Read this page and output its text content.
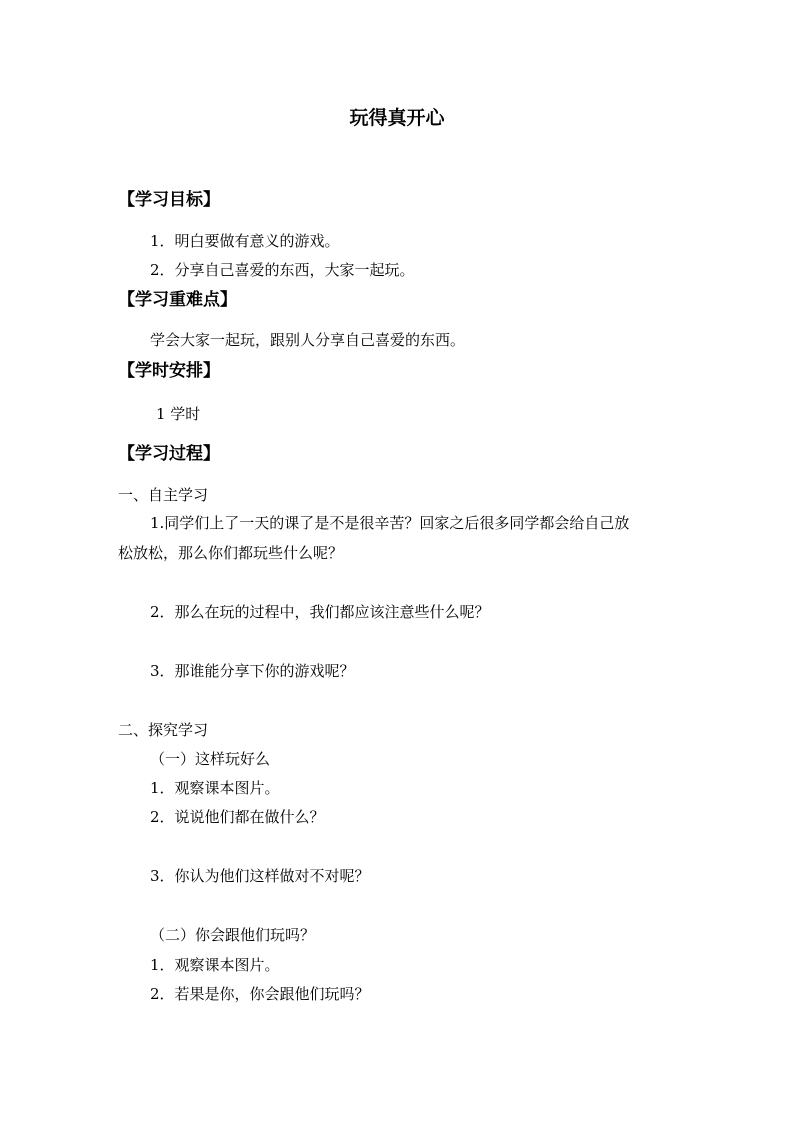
玩得真开心
【学习目标】
1．明白要做有意义的游戏。
2．分享自己喜爱的东西，大家一起玩。
【学习重难点】
学会大家一起玩，跟别人分享自己喜爱的东西。
【学时安排】
1 学时
【学习过程】
一、自主学习
1.同学们上了一天的课了是不是很辛苦？回家之后很多同学都会给自己放
松放松，那么你们都玩些什么呢？
2．那么在玩的过程中，我们都应该注意些什么呢？
3．那谁能分享下你的游戏呢？
二、探究学习
（一）这样玩好么
1．观察课本图片。
2．说说他们都在做什么？
3．你认为他们这样做对不对呢？
（二）你会跟他们玩吗？
1．观察课本图片。
2．若果是你，你会跟他们玩吗？
